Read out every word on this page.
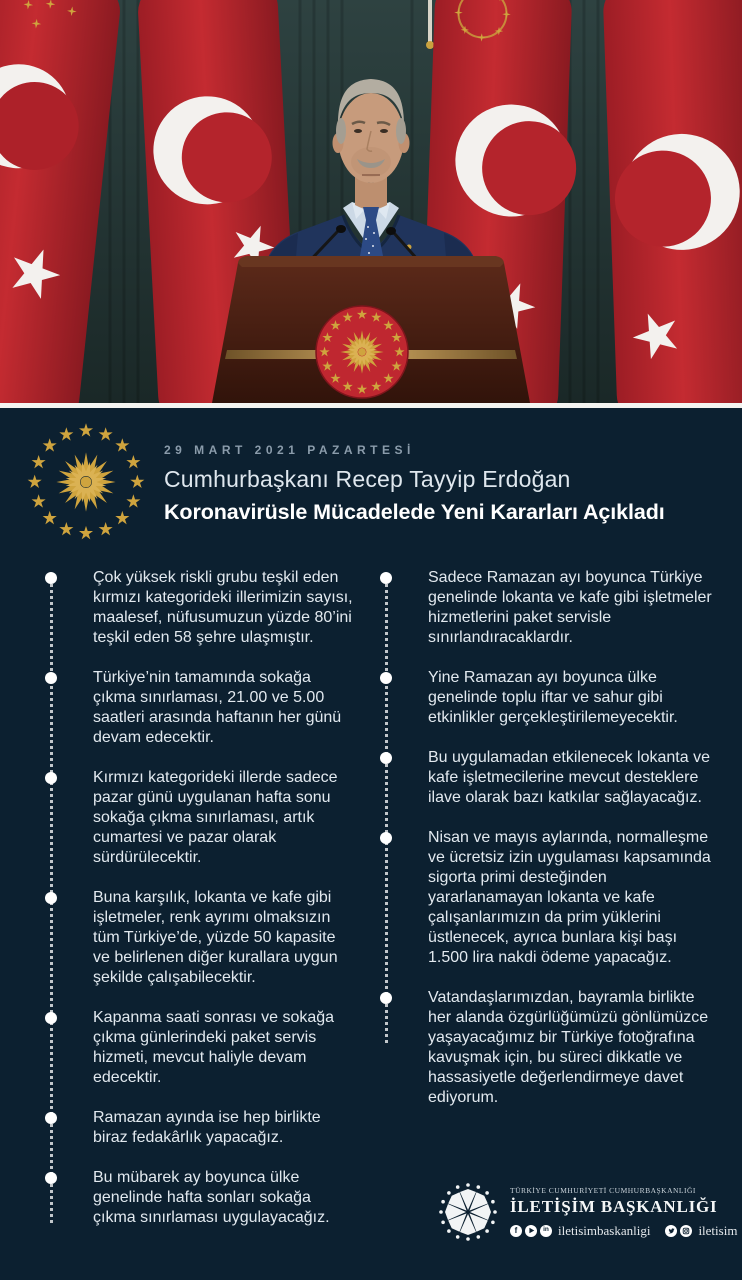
29 MART 2021 PAZARTESİ
Cumhurbaşkanı Recep Tayyip Erdoğan
Koronavirüsle Mücadelede Yeni Kararları Açıkladı
Çok yüksek riskli grubu teşkil eden kırmızı kategorideki illerimizin sayısı, maalesef, nüfusumuzun yüzde 80’ini teşkil eden 58 şehre ulaşmıştır.
Türkiye’nin tamamında sokağa çıkma sınırlaması, 21.00 ve 5.00 saatleri arasında haftanın her günü devam edecektir.
Kırmızı kategorideki illerde sadece pazar günü uygulanan hafta sonu sokağa çıkma sınırlaması, artık cumartesi ve pazar olarak sürdürülecektir.
Buna karşılık, lokanta ve kafe gibi işletmeler, renk ayrımı olmaksızın tüm Türkiye’de, yüzde 50 kapasite ve belirlenen diğer kurallara uygun şekilde çalışabilecektir.
Kapanma saati sonrası ve sokağa çıkma günlerindeki paket servis hizmeti, mevcut haliyle devam edecektir.
Ramazan ayında ise hep birlikte biraz fedakârlık yapacağız.
Bu mübarek ay boyunca ülke genelinde hafta sonları sokağa çıkma sınırlaması uygulayacağız.
Sadece Ramazan ayı boyunca Türkiye genelinde lokanta ve kafe gibi işletmeler hizmetlerini paket servisle sınırlandıracaklardır.
Yine Ramazan ayı boyunca ülke genelinde toplu iftar ve sahur gibi etkinlikler gerçekleştirilemeyecektir.
Bu uygulamadan etkilenecek lokanta ve kafe işletmecilerine mevcut desteklere ilave olarak bazı katkılar sağlayacağız.
Nisan ve mayıs aylarında, normalleşme ve ücretsiz izin uygulaması kapsamında sigorta primi desteğinden yararlanamayan lokanta ve kafe çalışanlarımızın da prim yüklerini üstlenecek, ayrıca bunlara kişi başı 1.500 lira nakdi ödeme yapacağız.
Vatandaşlarımızdan, bayramla birlikte her alanda özgürlüğümüzü gönlümüzce yaşayacağımız bir Türkiye fotoğrafına kavuşmak için, bu süreci dikkatle ve hassasiyetle değerlendirmeye davet ediyorum.
TÜRKİYE CUMHURİYETİ CUMHURBAŞKANLIĞI
İLETİŞİM BAŞKANLIĞI
f	in iletisimbaskanligi	iletisim
